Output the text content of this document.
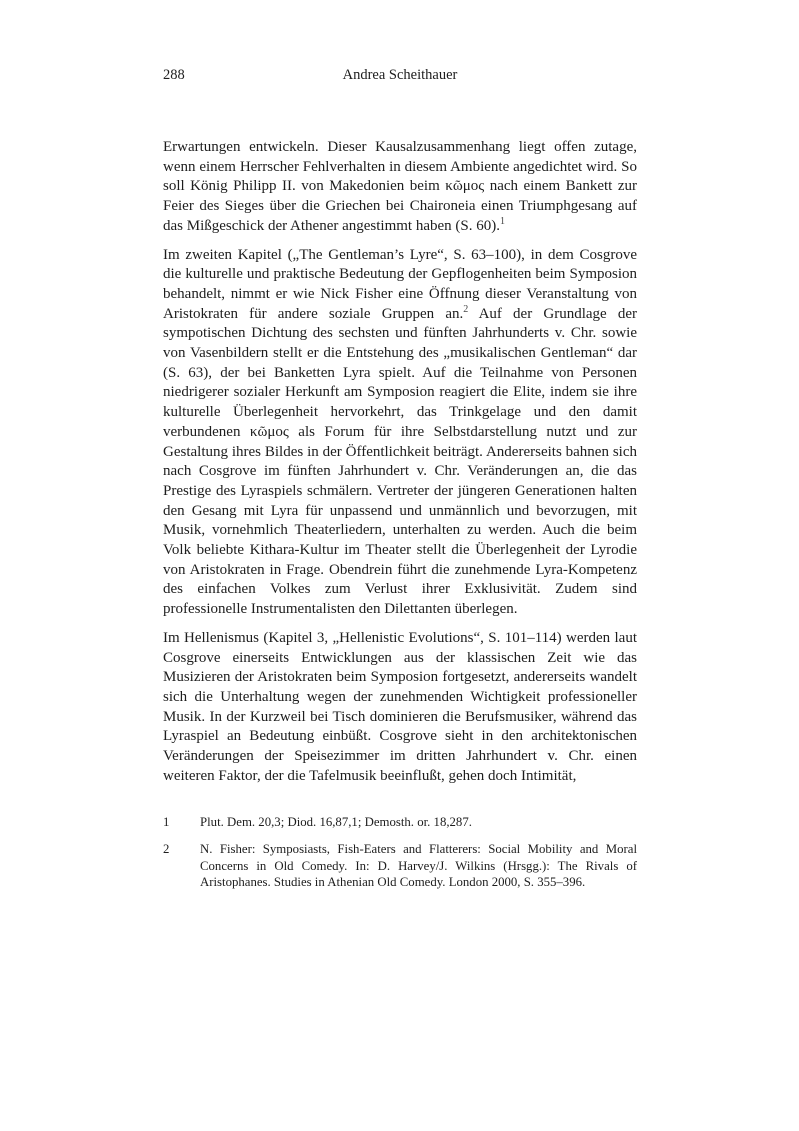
288	Andrea Scheithauer

Erwartungen entwickeln. Dieser Kausalzusammenhang liegt offen zutage, wenn einem Herrscher Fehlverhalten in diesem Ambiente angedichtet wird. So soll König Philipp II. von Makedonien beim κῶμος nach einem Bankett zur Feier des Sieges über die Griechen bei Chaironeia einen Triumphgesang auf das Mißgeschick der Athener angestimmt haben (S. 60).$^1$

Im zweiten Kapitel („The Gentleman’s Lyre“, S. 63–100), in dem Cosgrove die kulturelle und praktische Bedeutung der Gepflogenheiten beim Symposion behandelt, nimmt er wie Nick Fisher eine Öffnung dieser Veranstaltung von Aristokraten für andere soziale Gruppen an.$^2$ Auf der Grundlage der sympotischen Dichtung des sechsten und fünften Jahrhunderts v. Chr. sowie von Vasenbildern stellt er die Entstehung des „musikalischen Gentleman“ dar (S. 63), der bei Banketten Lyra spielt. Auf die Teilnahme von Personen niedrigerer sozialer Herkunft am Symposion reagiert die Elite, indem sie ihre kulturelle Überlegenheit hervorkehrt, das Trinkgelage und den damit verbundenen κῶμος als Forum für ihre Selbstdarstellung nutzt und zur Gestaltung ihres Bildes in der Öffentlichkeit beiträgt. Andererseits bahnen sich nach Cosgrove im fünften Jahrhundert v. Chr. Veränderungen an, die das Prestige des Lyraspiels schmälern. Vertreter der jüngeren Generationen halten den Gesang mit Lyra für unpassend und unmännlich und bevorzugen, mit Musik, vornehmlich Theaterliedern, unterhalten zu werden. Auch die beim Volk beliebte Kithara-Kultur im Theater stellt die Überlegenheit der Lyrodie von Aristokraten in Frage. Obendrein führt die zunehmende Lyra-Kompetenz des einfachen Volkes zum Verlust ihrer Exklusivität. Zudem sind professionelle Instrumentalisten den Dilettanten überlegen.

Im Hellenismus (Kapitel 3, „Hellenistic Evolutions“, S. 101–114) werden laut Cosgrove einerseits Entwicklungen aus der klassischen Zeit wie das Musizieren der Aristokraten beim Symposion fortgesetzt, andererseits wandelt sich die Unterhaltung wegen der zunehmenden Wichtigkeit professioneller Musik. In der Kurzweil bei Tisch dominieren die Berufsmusiker, während das Lyraspiel an Bedeutung einbüßt. Cosgrove sieht in den architektonischen Veränderungen der Speisezimmer im dritten Jahrhundert v. Chr. einen weiteren Faktor, der die Tafelmusik beeinflußt, gehen doch Intimität,

1	Plut. Dem. 20,3; Diod. 16,87,1; Demosth. or. 18,287.
2	N. Fisher: Symposiasts, Fish-Eaters and Flatterers: Social Mobility and Moral Concerns in Old Comedy. In: D. Harvey/J. Wilkins (Hrsgg.): The Rivals of Aristophanes. Studies in Athenian Old Comedy. London 2000, S. 355–396.
